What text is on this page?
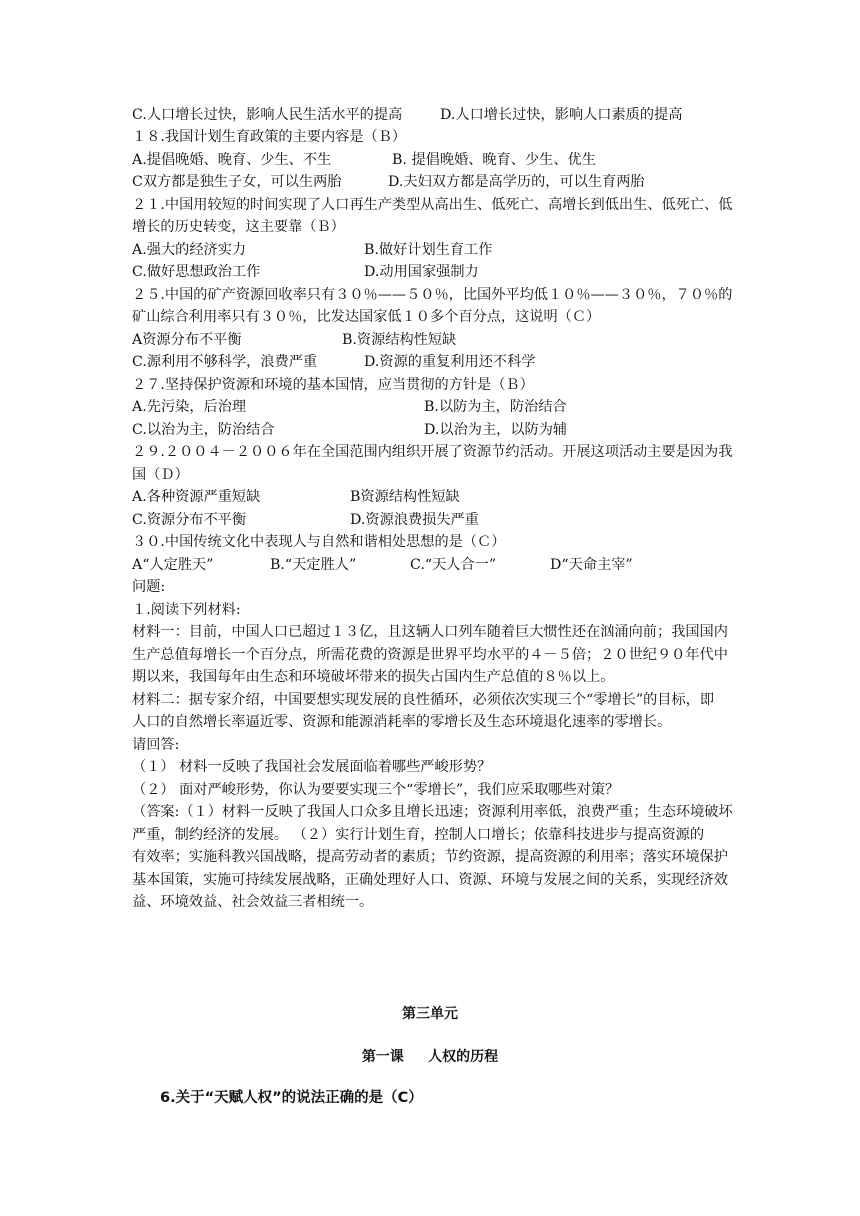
C.人口增长过快，影响人民生活水平的提高	D.人口增长过快，影响人口素质的提高
１８.我国计划生育政策的主要内容是（Ｂ）
A.提倡晚婚、晚育、少生、不生	B. 提倡晚婚、晚育、少生、优生
C双方都是独生子女，可以生两胎	D.夫妇双方都是高学历的，可以生育两胎
２１.中国用较短的时间实现了人口再生产类型从高出生、低死亡、高增长到低出生、低死亡、低
增长的历史转变，这主要靠（Ｂ）
A.强大的经济实力	B.做好计划生育工作
C.做好思想政治工作	D.动用国家强制力
２５.中国的矿产资源回收率只有３０％——５０％，比国外平均低１０％——３０％，７０％的
矿山综合利用率只有３０％，比发达国家低１０多个百分点，这说明（Ｃ）
A资源分布不平衡	B.资源结构性短缺
C.源利用不够科学，浪费严重	D.资源的重复利用还不科学
２７.坚持保护资源和环境的基本国情，应当贯彻的方针是（Ｂ）
A.先污染，后治理	B.以防为主，防治结合
C.以治为主，防治结合	D.以治为主，以防为辅
２９.２００４－２００６年在全国范围内组织开展了资源节约活动。开展这项活动主要是因为我
国（Ｄ）
A.各种资源严重短缺	B资源结构性短缺
C.资源分布不平衡	D.资源浪费损失严重
３０.中国传统文化中表现人与自然和谐相处思想的是（Ｃ）
A“人定胜天”	B.“天定胜人”	C.“天人合一”	D“天命主宰”
问题:
１.阅读下列材料:
材料一：目前，中国人口已超过１３亿，且这辆人口列车随着巨大惯性还在汹涌向前；我国国内
生产总值每增长一个百分点，所需花费的资源是世界平均水平的４－５倍；２０世纪９０年代中
期以来，我国每年由生态和环境破坏带来的损失占国内生产总值的８％以上。
材料二：据专家介绍，中国要想实现发展的良性循环，必须依次实现三个“零增长”的目标，即
人口的自然增长率逼近零、资源和能源消耗率的零增长及生态环境退化速率的零增长。
请回答:
（１） 材料一反映了我国社会发展面临着哪些严峻形势？
（２） 面对严峻形势，你认为要要实现三个“零增长”，我们应采取哪些对策？
（答案:（１）材料一反映了我国人口众多且增长迅速；资源利用率低，浪费严重；生态环境破坏
严重，制约经济的发展。 （２）实行计划生育，控制人口增长；依靠科技进步与提高资源的
有效率；实施科教兴国战略，提高劳动者的素质；节约资源，提高资源的利用率；落实环境保护
基本国策，实施可持续发展战略，正确处理好人口、资源、环境与发展之间的关系，实现经济效
益、环境效益、社会效益三者相统一。
第三单元
第一课     人权的历程
6.关于“天赋人权”的说法正确的是（C）
